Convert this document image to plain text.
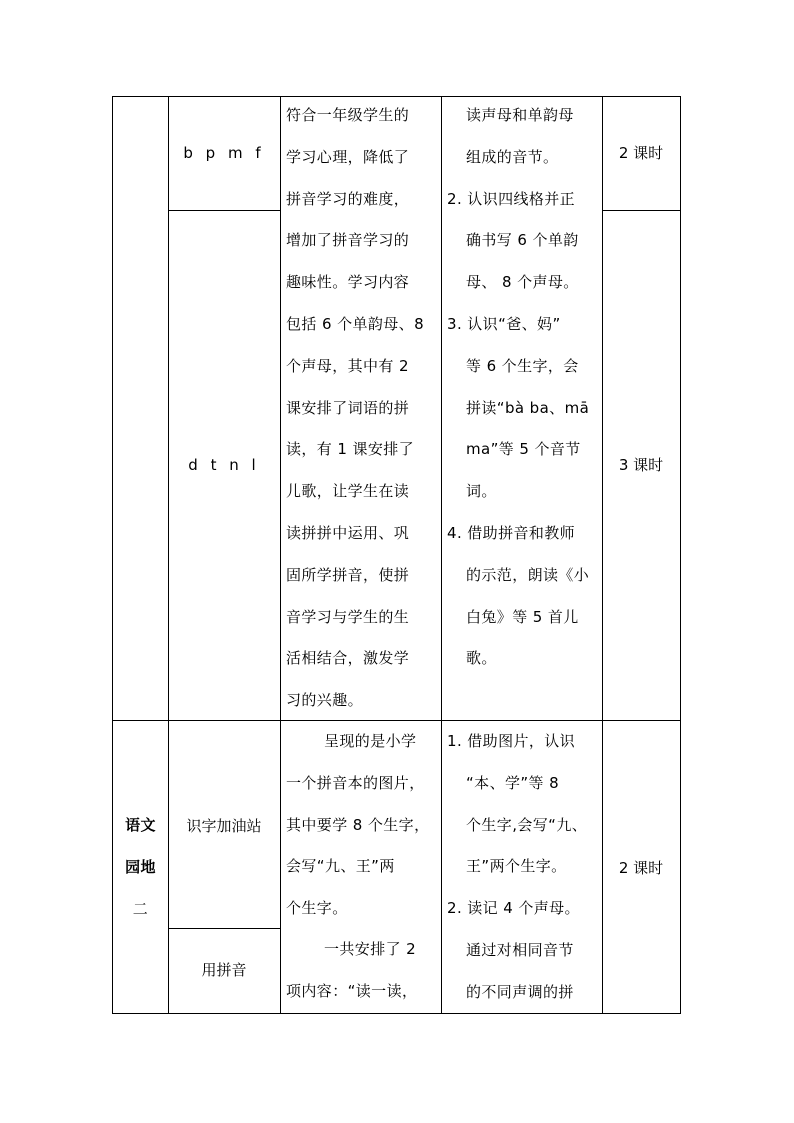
b p m f
d t n l
符合一年级学生的
学习心理，降低了
拼音学习的难度，
增加了拼音学习的
趣味性。学习内容
包括 6 个单韵母、8
个声母，其中有 2
课安排了词语的拼
读，有 1 课安排了
儿歌，让学生在读
读拼拼中运用、巩
固所学拼音，使拼
音学习与学生的生
活相结合，激发学
习的兴趣。
读声母和单韵母
组成的音节。
2. 认识四线格并正
确书写 6 个单韵
母、 8 个声母。
3. 认识“爸、妈”
等 6 个生字，会
拼读“bà ba、mā
ma”等 5 个音节
词。
4. 借助拼音和教师
的示范，朗读《小
白兔》等 5 首儿
歌。
2 课时
3 课时
语文
园地
二
识字加油站
用拼音
呈现的是小学
一个拼音本的图片，
其中要学 8 个生字，
会写“九、王”两
个生字。
一共安排了 2
项内容：“读一读，
1. 借助图片，认识
“本、学”等 8
个生字,会写“九、
王”两个生字。
2. 读记 4 个声母。
通过对相同音节
的不同声调的拼
2 课时
